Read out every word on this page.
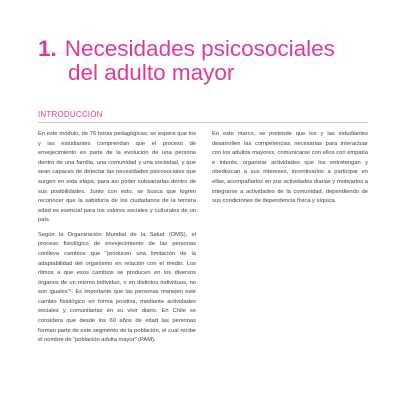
1. Necesidades psicosociales
del adulto mayor
INTRODUCCIÓN

En este módulo, de 76 horas pedagógicas, se espera que los y las estudiantes comprendan que el proceso de envejecimiento es parte de la evolución de una persona dentro de una familia, una comunidad y una sociedad, y que sean capaces de detectar las necesidades psicosociales que surgen en esta etapa, para así poder subsanarlas dentro de sus posibilidades. Junto con esto, se busca que logren reconocer que la sabiduría de los ciudadanos de la tercera edad es esencial para los valores sociales y culturales de un país.

Según la Organización Mundial de la Salud (OMS), el proceso fisiológico de envejecimiento de las personas conlleva cambios que “producen una limitación de la adaptabilidad del organismo en relación con el medio. Los ritmos a que esos cambios se producen en los diversos órganos de un mismo individuo, o en distintos individuos, no son iguales”¹. Es importante que las personas manejen este cambio fisiológico en forma positiva, mediante actividades sociales y comunitarias en su vivir diario. En Chile se considera que desde los 60 años de edad las personas forman parte de este segmento de la población, el cual recibe el nombre de “población adulta mayor” (PAM).

En este marco, se pretende que los y las estudiantes desarrollen las competencias necesarias para interactuar con los adultos mayores, comunicarse con ellos con empatía e interés, organizar actividades que los entretengan y obedezcan a sus intereses, incentivarlos a participar en ellas, acompañarlos en sus actividades diarias y motivarlos a integrarse a actividades de la comunidad, dependiendo de sus condiciones de dependencia física y síquica.
